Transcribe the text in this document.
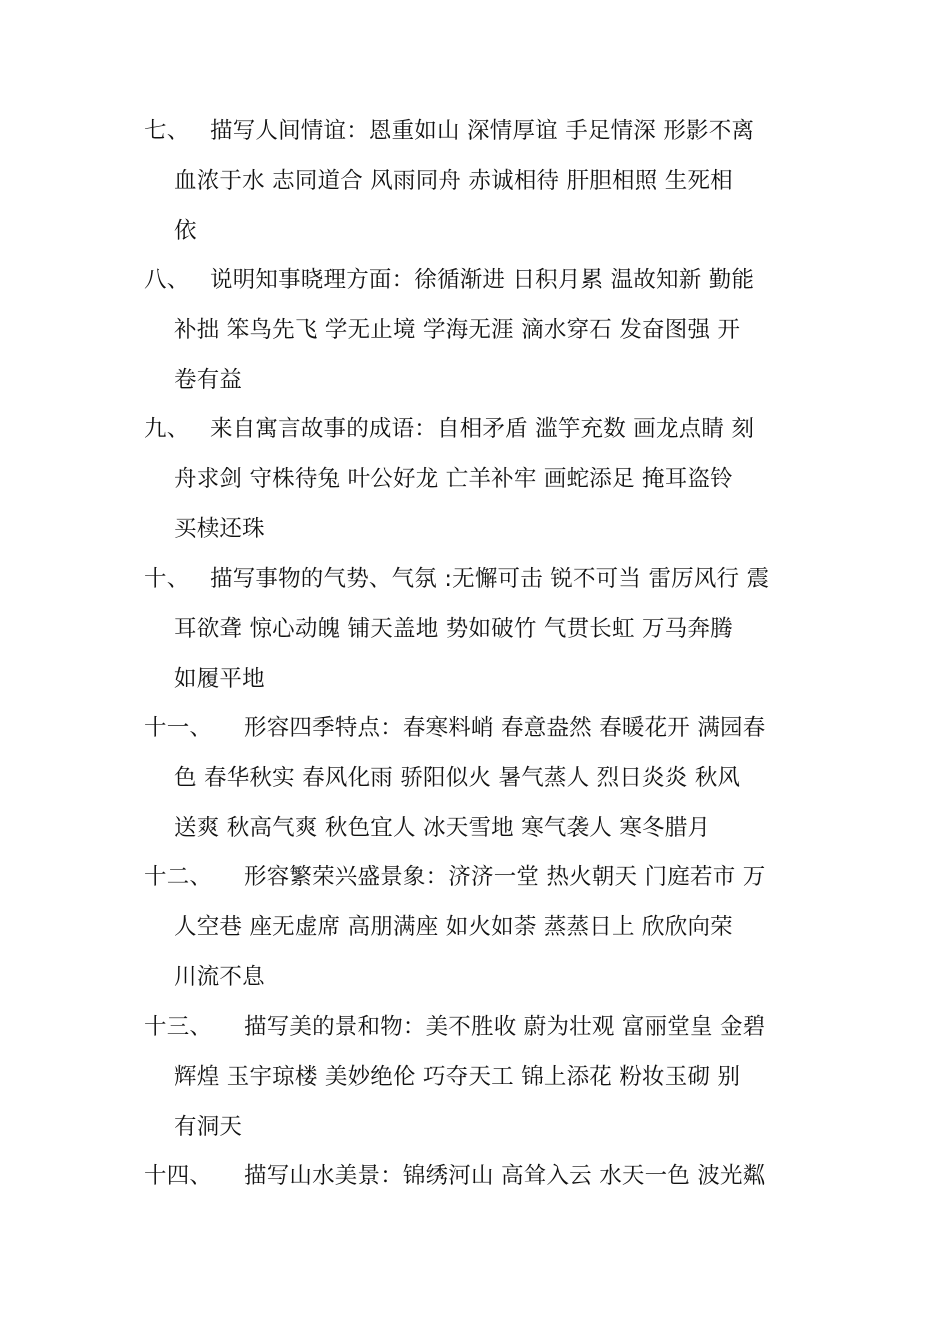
七、 描写人间情谊：恩重如山 深情厚谊 手足情深 形影不离
血浓于水 志同道合 风雨同舟 赤诚相待 肝胆相照 生死相
依
八、 说明知事晓理方面：徐循渐进 日积月累 温故知新 勤能
补拙 笨鸟先飞 学无止境 学海无涯 滴水穿石 发奋图强 开
卷有益
九、 来自寓言故事的成语：自相矛盾 滥竽充数 画龙点睛 刻
舟求剑 守株待兔 叶公好龙 亡羊补牢 画蛇添足 掩耳盗铃
买椟还珠
十、 描写事物的气势、气氛 :无懈可击 锐不可当 雷厉风行 震
耳欲聋 惊心动魄 铺天盖地 势如破竹 气贯长虹 万马奔腾
如履平地
十一、 形容四季特点：春寒料峭 春意盎然 春暖花开 满园春
色 春华秋实 春风化雨 骄阳似火 暑气蒸人 烈日炎炎 秋风
送爽 秋高气爽 秋色宜人 冰天雪地 寒气袭人 寒冬腊月
十二、 形容繁荣兴盛景象：济济一堂 热火朝天 门庭若市 万
人空巷 座无虚席 高朋满座 如火如荼 蒸蒸日上 欣欣向荣
川流不息
十三、 描写美的景和物：美不胜收 蔚为壮观 富丽堂皇 金碧
辉煌 玉宇琼楼 美妙绝伦 巧夺天工 锦上添花 粉妆玉砌 别
有洞天
十四、 描写山水美景：锦绣河山 高耸入云 水天一色 波光粼
